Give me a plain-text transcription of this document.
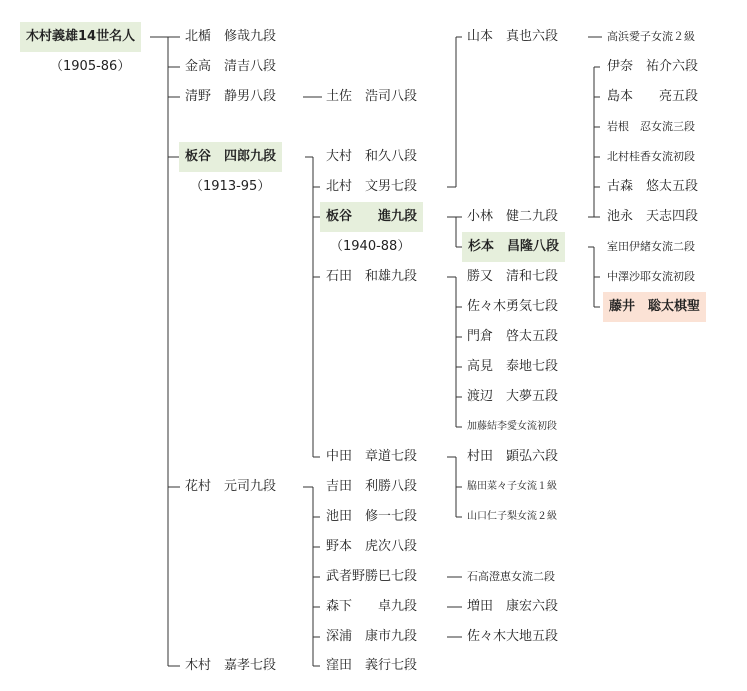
木村義雄14世名人
（1905-86）
北楯　修哉九段
金高　清吉八段
清野　静男八段
板谷　四郎九段
（1913-95）
花村　元司九段
木村　嘉孝七段
土佐　浩司八段
大村　和久八段
北村　文男七段
板谷　　進九段
（1940-88）
石田　和雄九段
中田　章道七段
吉田　利勝八段
池田　修一七段
野本　虎次八段
武者野勝巳七段
森下　　卓九段
深浦　康市九段
窪田　義行七段
山本　真也六段
小林　健二九段
杉本　昌隆八段
勝又　清和七段
佐々木勇気七段
門倉　啓太五段
高見　泰地七段
渡辺　大夢五段
加藤結李愛女流初段
村田　顕弘六段
脇田菜々子女流１級
山口仁子梨女流２級
石高澄恵女流二段
増田　康宏六段
佐々木大地五段
高浜愛子女流２級
伊奈　祐介六段
島本　　亮五段
岩根　忍女流三段
北村桂香女流初段
古森　悠太五段
池永　天志四段
室田伊緒女流二段
中澤沙耶女流初段
藤井　聡太棋聖
